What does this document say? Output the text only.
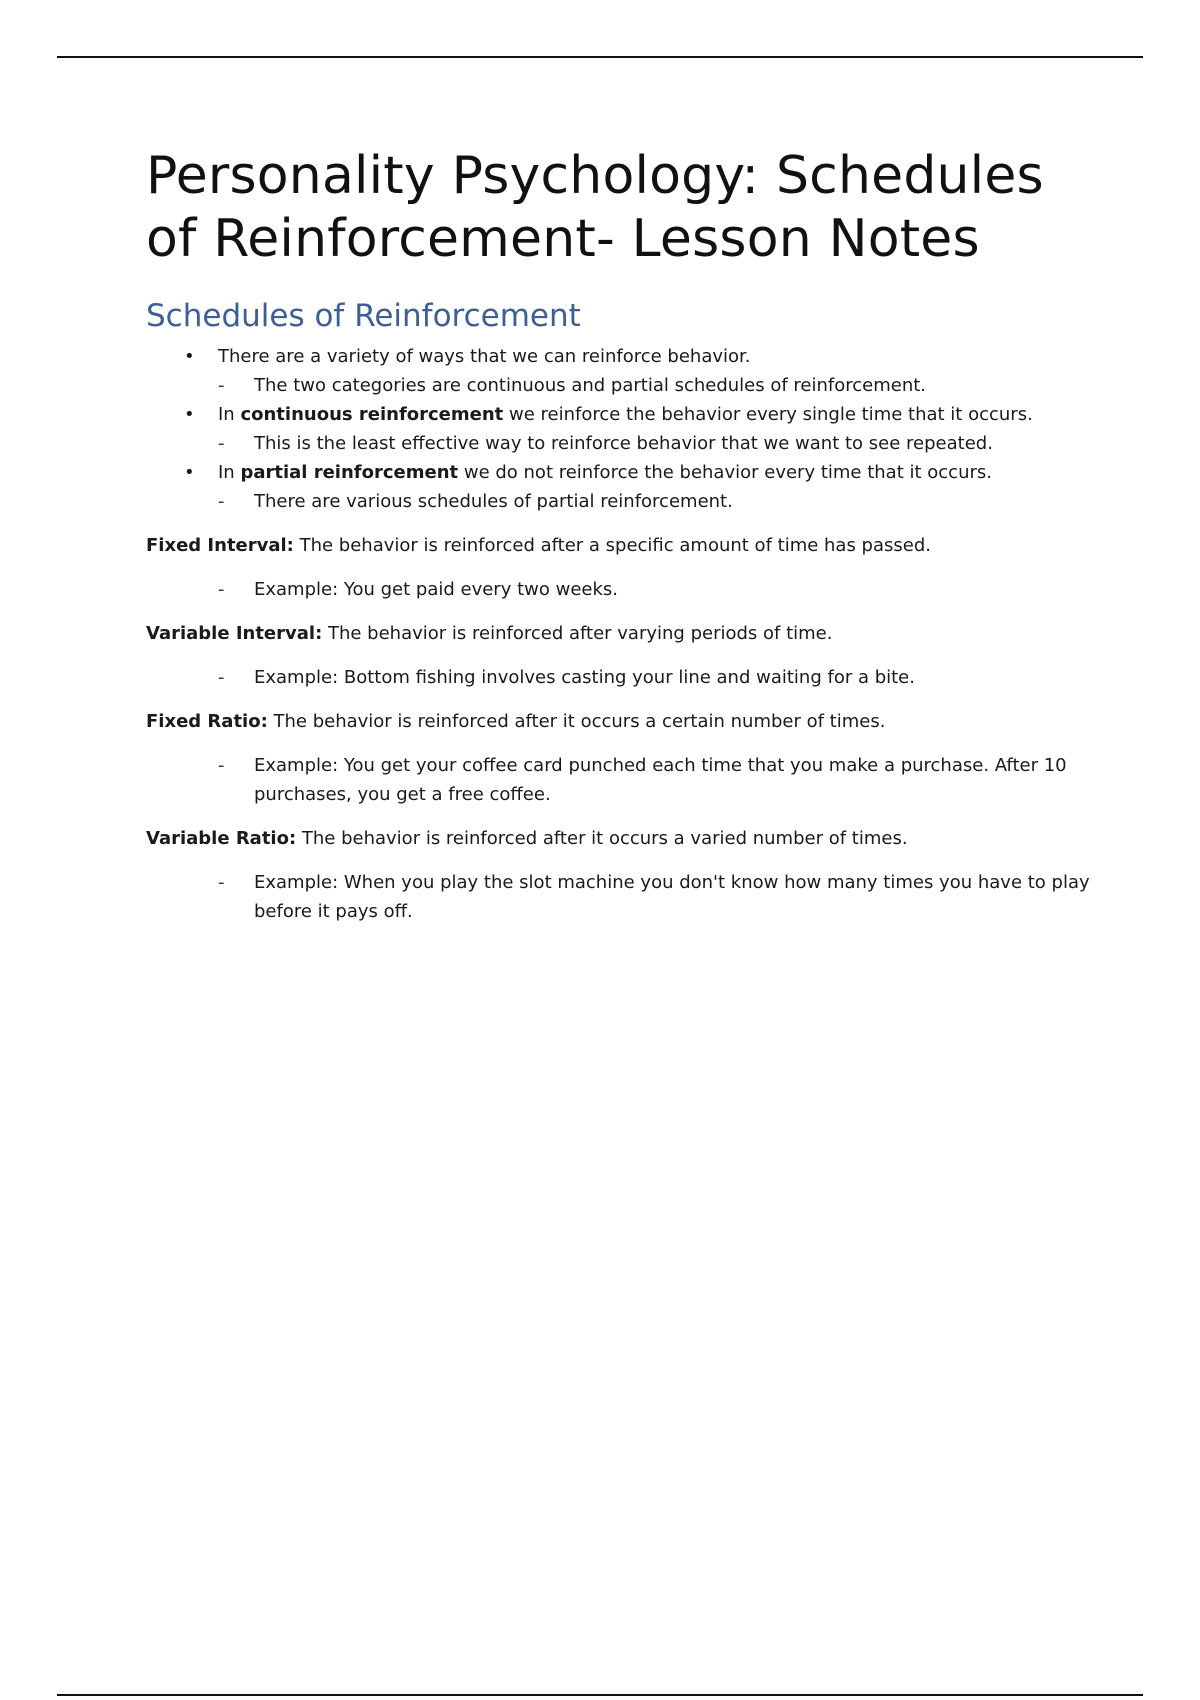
Personality Psychology: Schedules of Reinforcement- Lesson Notes
Schedules of Reinforcement
• There are a variety of ways that we can reinforce behavior.
- The two categories are continuous and partial schedules of reinforcement.
• In continuous reinforcement we reinforce the behavior every single time that it occurs.
- This is the least effective way to reinforce behavior that we want to see repeated.
• In partial reinforcement we do not reinforce the behavior every time that it occurs.
- There are various schedules of partial reinforcement.
Fixed Interval: The behavior is reinforced after a specific amount of time has passed.
- Example: You get paid every two weeks.
Variable Interval: The behavior is reinforced after varying periods of time.
- Example: Bottom fishing involves casting your line and waiting for a bite.
Fixed Ratio: The behavior is reinforced after it occurs a certain number of times.
- Example: You get your coffee card punched each time that you make a purchase. After 10 purchases, you get a free coffee.
Variable Ratio: The behavior is reinforced after it occurs a varied number of times.
- Example: When you play the slot machine you don't know how many times you have to play before it pays off.
